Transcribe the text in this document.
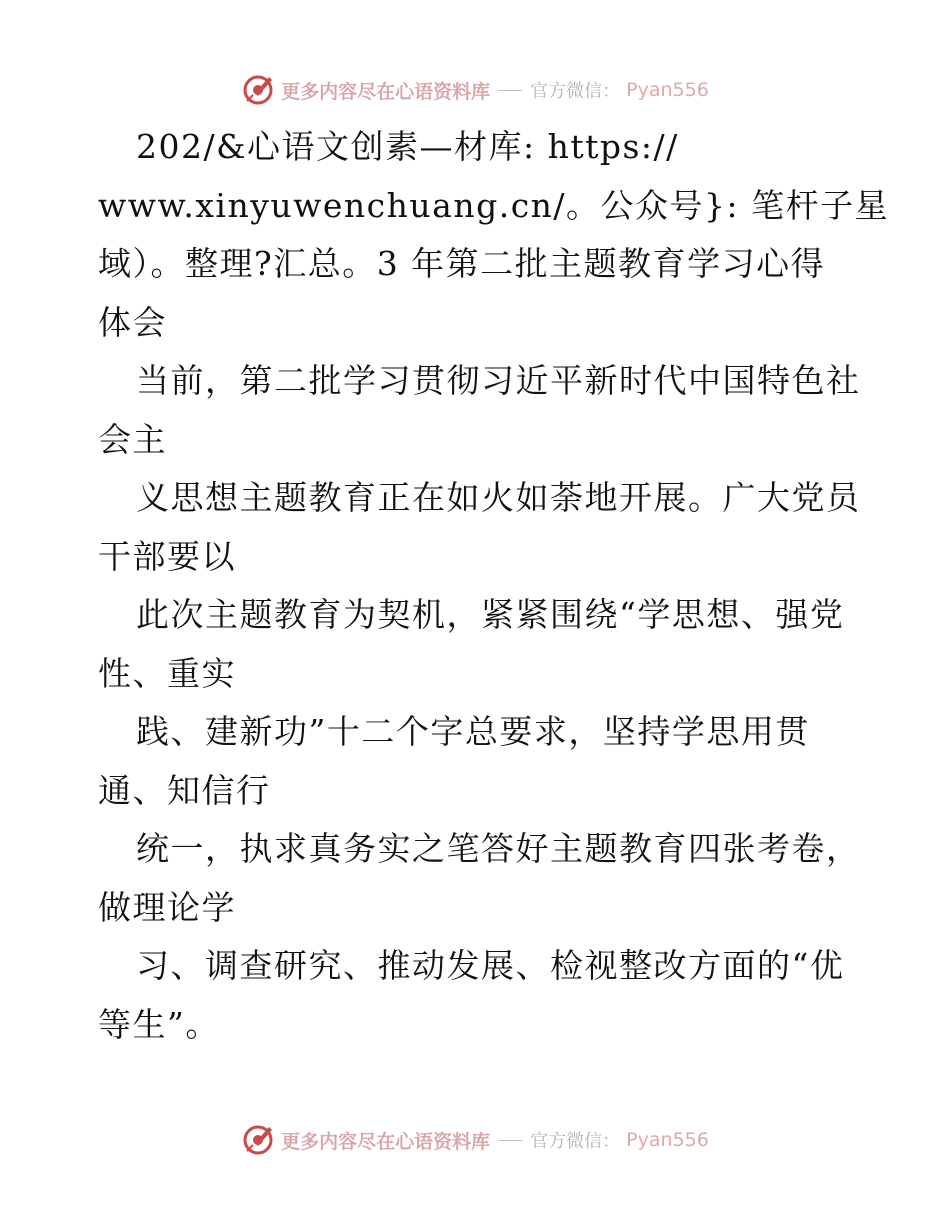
更多内容尽在心语资料库 官方微信： Pyan556
202/&心语文创素—材库: https://
www.xinyuwenchuang.cn/。公众号}: 笔杆子星
域）。整理?汇总。3 年第二批主题教育学习心得
体会
当前，第二批学习贯彻习近平新时代中国特色社
会主
义思想主题教育正在如火如荼地开展。广大党员
干部要以
此次主题教育为契机，紧紧围绕“学思想、强党
性、重实
践、建新功”十二个字总要求，坚持学思用贯
通、知信行
统一，执求真务实之笔答好主题教育四张考卷，
做理论学
习、调查研究、推动发展、检视整改方面的“优
等生”。
更多内容尽在心语资料库 官方微信： Pyan556
